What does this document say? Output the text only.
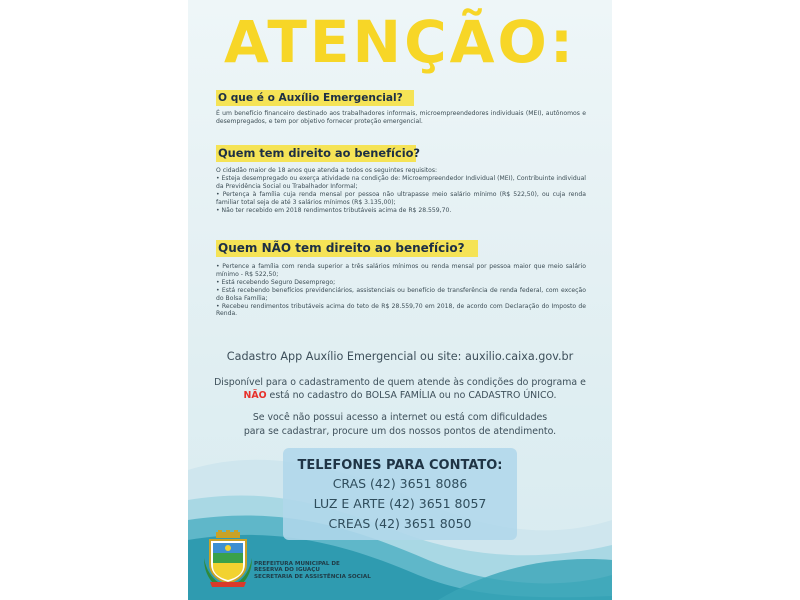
ATENÇÃO:
O que é o Auxílio Emergencial?

É um benefício financeiro destinado aos trabalhadores informais, microempreendedores individuais (MEI), autônomos e desempregados, e tem por objetivo fornecer proteção emergencial.

Quem tem direito ao benefício?

O cidadão maior de 18 anos que atenda a todos os seguintes requisitos:

• Esteja desempregado ou exerça atividade na condição de: Microempreendedor Individual (MEI), Contribuinte individual da Previdência Social ou Trabalhador Informal;

• Pertença à família cuja renda mensal por pessoa não ultrapasse meio salário mínimo (R$ 522,50), ou cuja renda familiar total seja de até 3 salários mínimos (R$ 3.135,00);

• Não ter recebido em 2018 rendimentos tributáveis acima de R$ 28.559,70.

Quem NÃO tem direito ao benefício?

• Pertence a família com renda superior a três salários mínimos ou renda mensal por pessoa maior que meio salário mínimo - R$ 522,50;

• Está recebendo Seguro Desemprego;

• Está recebendo benefícios previdenciários, assistenciais ou benefício de transferência de renda federal, com exceção do Bolsa Família;

• Recebeu rendimentos tributáveis acima do teto de R$ 28.559,70 em 2018, de acordo com Declaração do Imposto de Renda.

Cadastro App Auxílio Emergencial ou site: auxilio.caixa.gov.br

Disponível para o cadastramento de quem atende às condições do programa e

NÃO está no cadastro do BOLSA FAMÍLIA ou no CADASTRO ÚNICO.

Se você não possui acesso a internet ou está com dificuldades

para se cadastrar, procure um dos nossos pontos de atendimento.

TELEFONES PARA CONTATO:
CRAS (42) 3651 8086
LUZ E ARTE (42) 3651 8057
CREAS (42) 3651 8050
PREFEITURA MUNICIPAL DE
RESERVA DO IGUAÇU
SECRETARIA DE ASSISTÊNCIA SOCIAL
